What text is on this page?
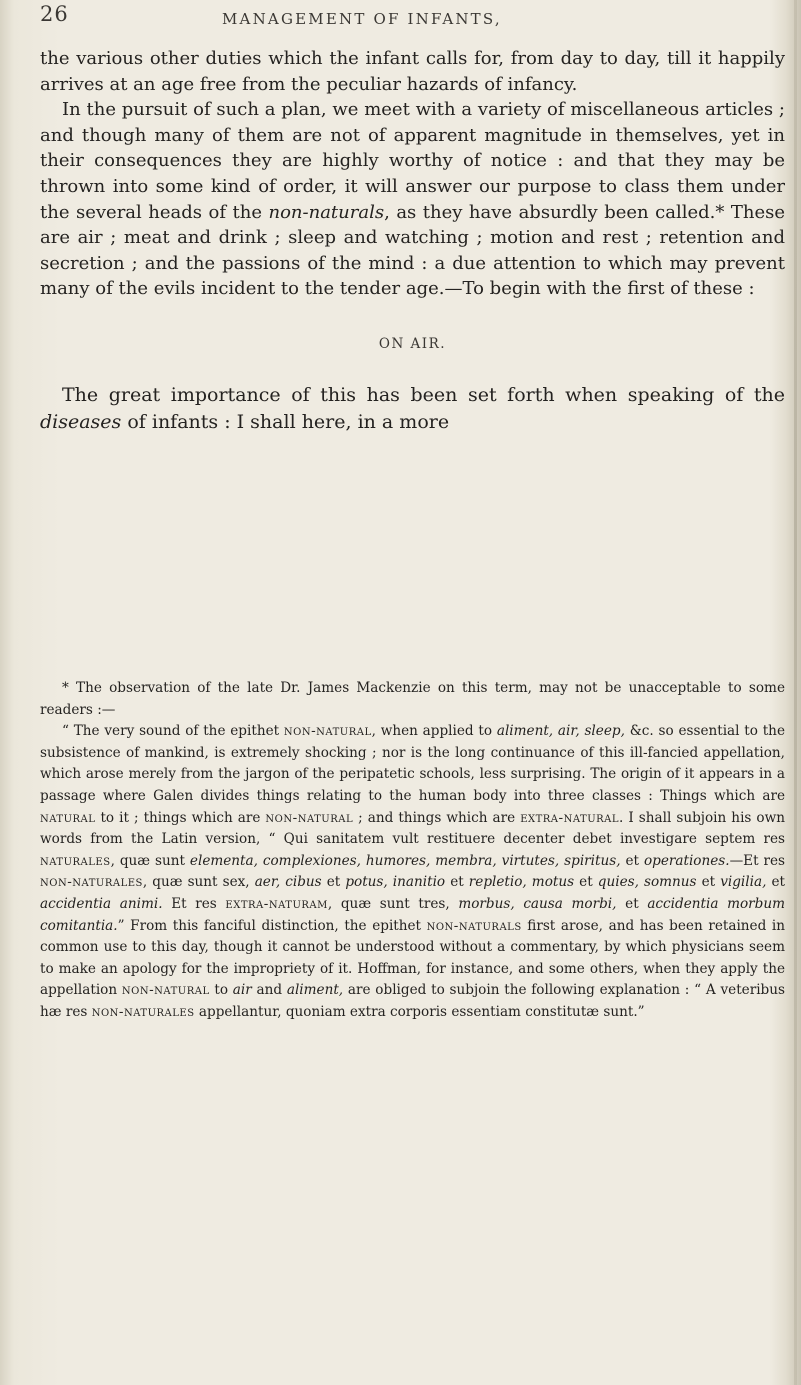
26	MANAGEMENT OF INFANTS,

the various other duties which the infant calls for, from day to day, till it happily arrives at an age free from the peculiar hazards of infancy.

In the pursuit of such a plan, we meet with a variety of miscellaneous articles ; and though many of them are not of apparent magnitude in themselves, yet in their consequences they are highly worthy of notice : and that they may be thrown into some kind of order, it will answer our purpose to class them under the several heads of the non-naturals, as they have absurdly been called.* These are air ; meat and drink ; sleep and watching ; motion and rest ; retention and secretion ; and the passions of the mind : a due attention to which may prevent many of the evils incident to the tender age.—To begin with the first of these :

ON AIR.

The great importance of this has been set forth when speaking of the diseases of infants : I shall here, in a more

* The observation of the late Dr. James Mackenzie on this term, may not be unacceptable to some readers :—

“ The very sound of the epithet non-natural, when applied to aliment, air, sleep, &c. so essential to the subsistence of mankind, is extremely shocking ; nor is the long continuance of this ill-fancied appellation, which arose merely from the jargon of the peripatetic schools, less surprising. The origin of it appears in a passage where Galen divides things relating to the human body into three classes : Things which are natural to it ; things which are non-natural ; and things which are extra-natural. I shall subjoin his own words from the Latin version, “ Qui sanitatem vult restituere decenter debet investigare septem res naturales, quæ sunt elementa, complexiones, humores, membra, virtutes, spiritus, et operationes.—Et res non-naturales, quæ sunt sex, aer, cibus et potus, inanitio et repletio, motus et quies, somnus et vigilia, et accidentia animi. Et res extra-naturam, quæ sunt tres, morbus, causa morbi, et accidentia morbum comitantia.” From this fanciful distinction, the epithet non-naturals first arose, and has been retained in common use to this day, though it cannot be understood without a commentary, by which physicians seem to make an apology for the impropriety of it. Hoffman, for instance, and some others, when they apply the appellation non-natural to air and aliment, are obliged to subjoin the following explanation : “ A veteribus hæ res non-naturales appellantur, quoniam extra corporis essentiam constitutæ sunt.”
